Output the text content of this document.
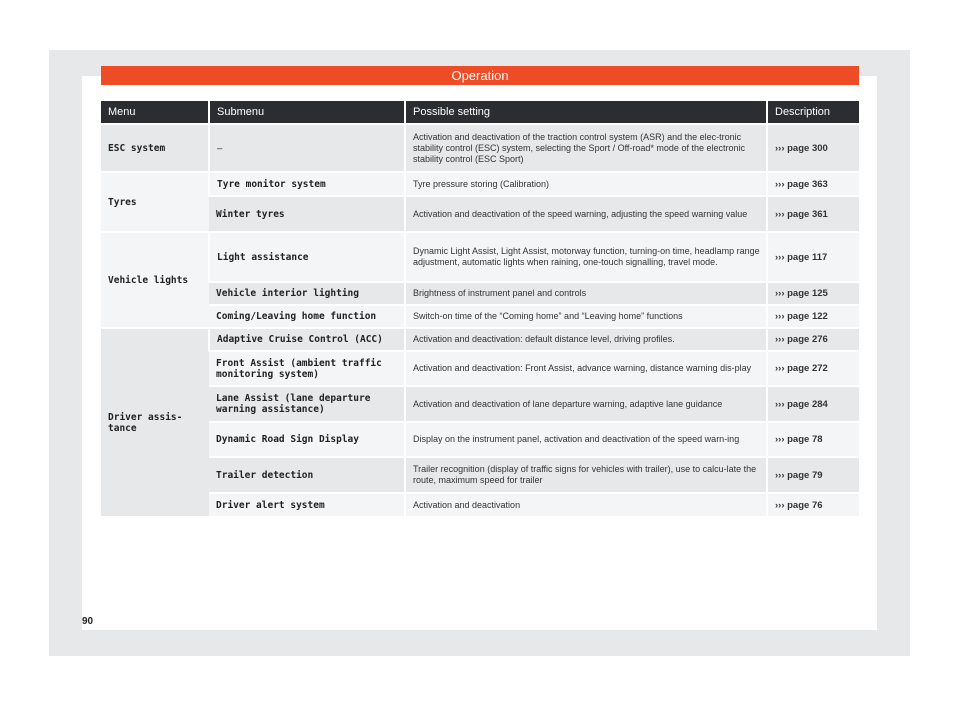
Operation
Menu	Submenu	Possible setting	Description
ESC system	–	Activation and deactivation of the traction control system (ASR) and the elec-tronic stability control (ESC) system, selecting the Sport / Off-road* mode of the electronic stability control (ESC Sport)	››› page 300
Tyres	Tyre monitor system	Tyre pressure storing (Calibration)	››› page 363
	Winter tyres	Activation and deactivation of the speed warning, adjusting the speed warning value	››› page 361
Vehicle lights	Light assistance	Dynamic Light Assist, Light Assist, motorway function, turning-on time, headlamp range adjustment, automatic lights when raining, one-touch signalling, travel mode.	››› page 117
	Vehicle interior lighting	Brightness of instrument panel and controls	››› page 125
	Coming/Leaving home function	Switch-on time of the “Coming home” and “Leaving home” functions	››› page 122
Driver assis-tance	Adaptive Cruise Control (ACC)	Activation and deactivation: default distance level, driving profiles.	››› page 276
	Front Assist (ambient traffic monitoring system)	Activation and deactivation: Front Assist, advance warning, distance warning dis-play	››› page 272
	Lane Assist (lane departure warning assistance)	Activation and deactivation of lane departure warning, adaptive lane guidance	››› page 284
	Dynamic Road Sign Display	Display on the instrument panel, activation and deactivation of the speed warn-ing	››› page 78
	Trailer detection	Trailer recognition (display of traffic signs for vehicles with trailer), use to calcu-late the route, maximum speed for trailer	››› page 79
	Driver alert system	Activation and deactivation	››› page 76
90
